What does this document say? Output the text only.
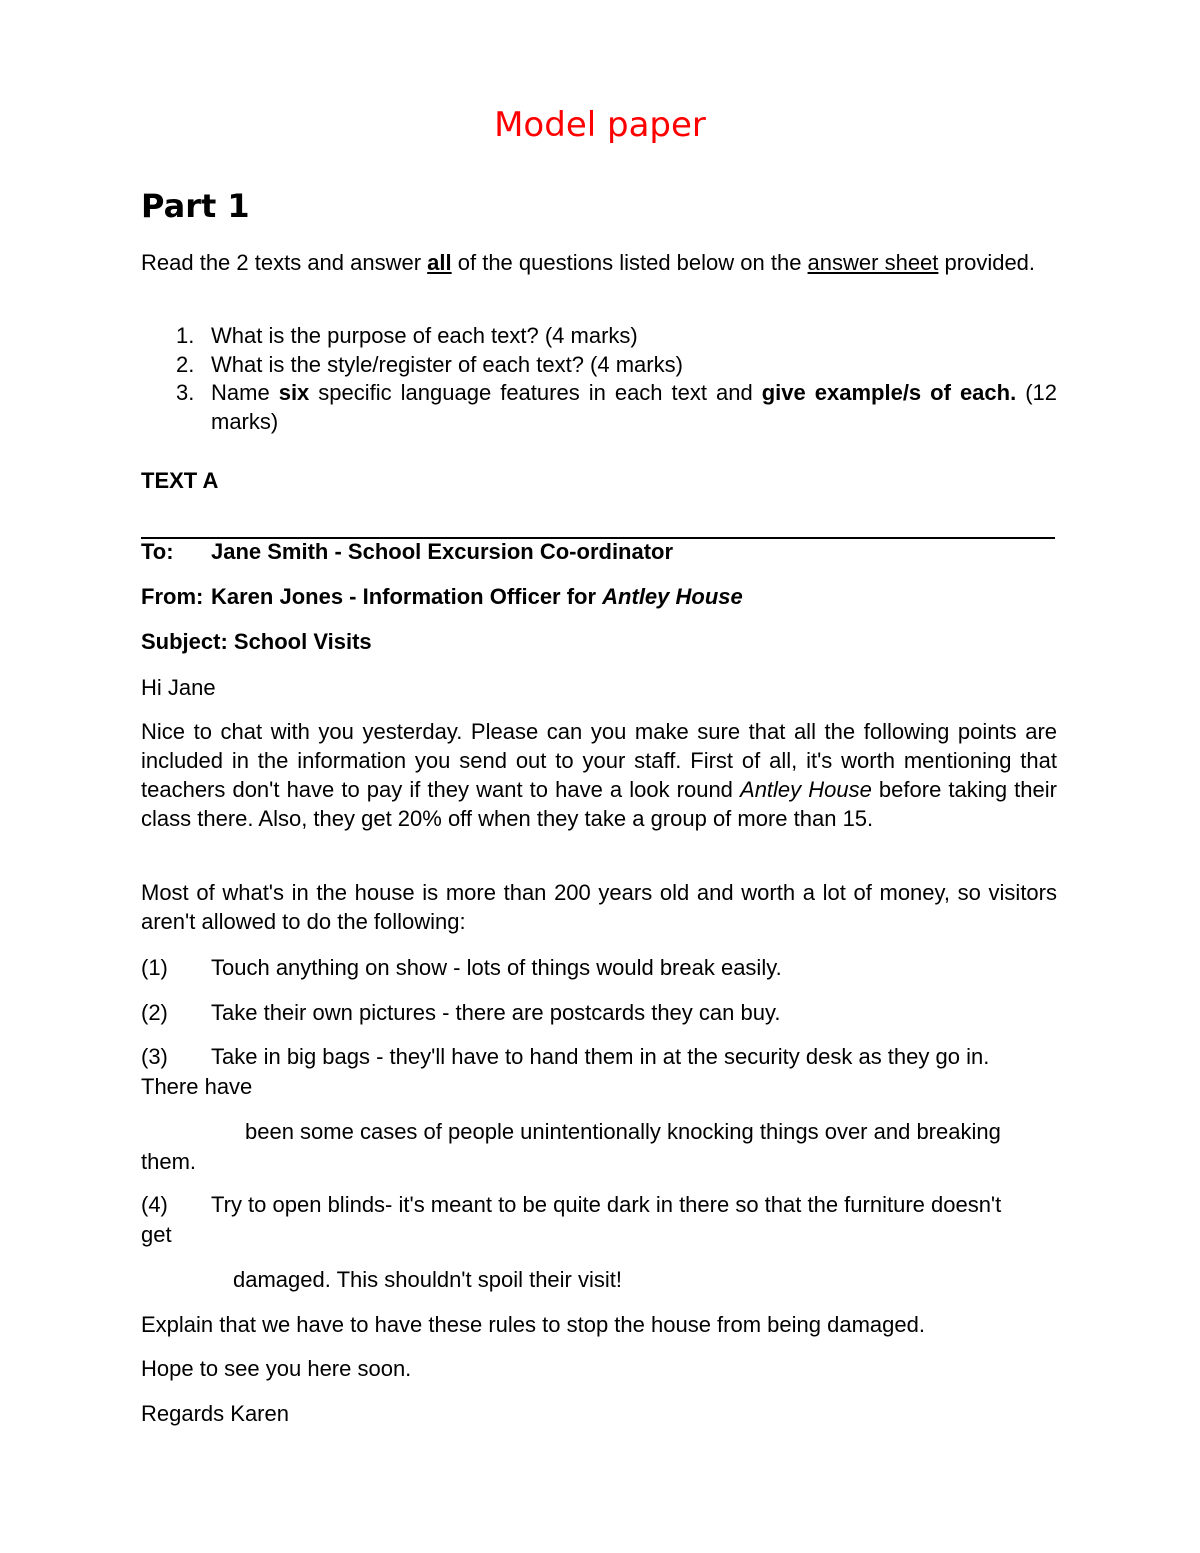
Model paper
Part 1

Read the 2 texts and answer all of the questions listed below on the answer sheet provided.

1. What is the purpose of each text? (4 marks)
2. What is the style/register of each text? (4 marks)
3. Name six specific language features in each text and give example/s of each. (12 marks)
TEXT A
To: Jane Smith - School Excursion Co-ordinator
From: Karen Jones - Information Officer for Antley House
Subject: School Visits
Hi Jane

Nice to chat with you yesterday. Please can you make sure that all the following points are included in the information you send out to your staff. First of all, it's worth mentioning that teachers don't have to pay if they want to have a look round Antley House before taking their class there. Also, they get 20% off when they take a group of more than 15.

Most of what's in the house is more than 200 years old and worth a lot of money, so visitors aren't allowed to do the following:

(1) Touch anything on show - lots of things would break easily.
(2) Take their own pictures - there are postcards they can buy.
(3) Take in big bags - they'll have to hand them in at the security desk as they go in.
There have
been some cases of people unintentionally knocking things over and breaking
them.
(4) Try to open blinds- it's meant to be quite dark in there so that the furniture doesn't
get
damaged. This shouldn't spoil their visit!
Explain that we have to have these rules to stop the house from being damaged.
Hope to see you here soon.
Regards Karen
